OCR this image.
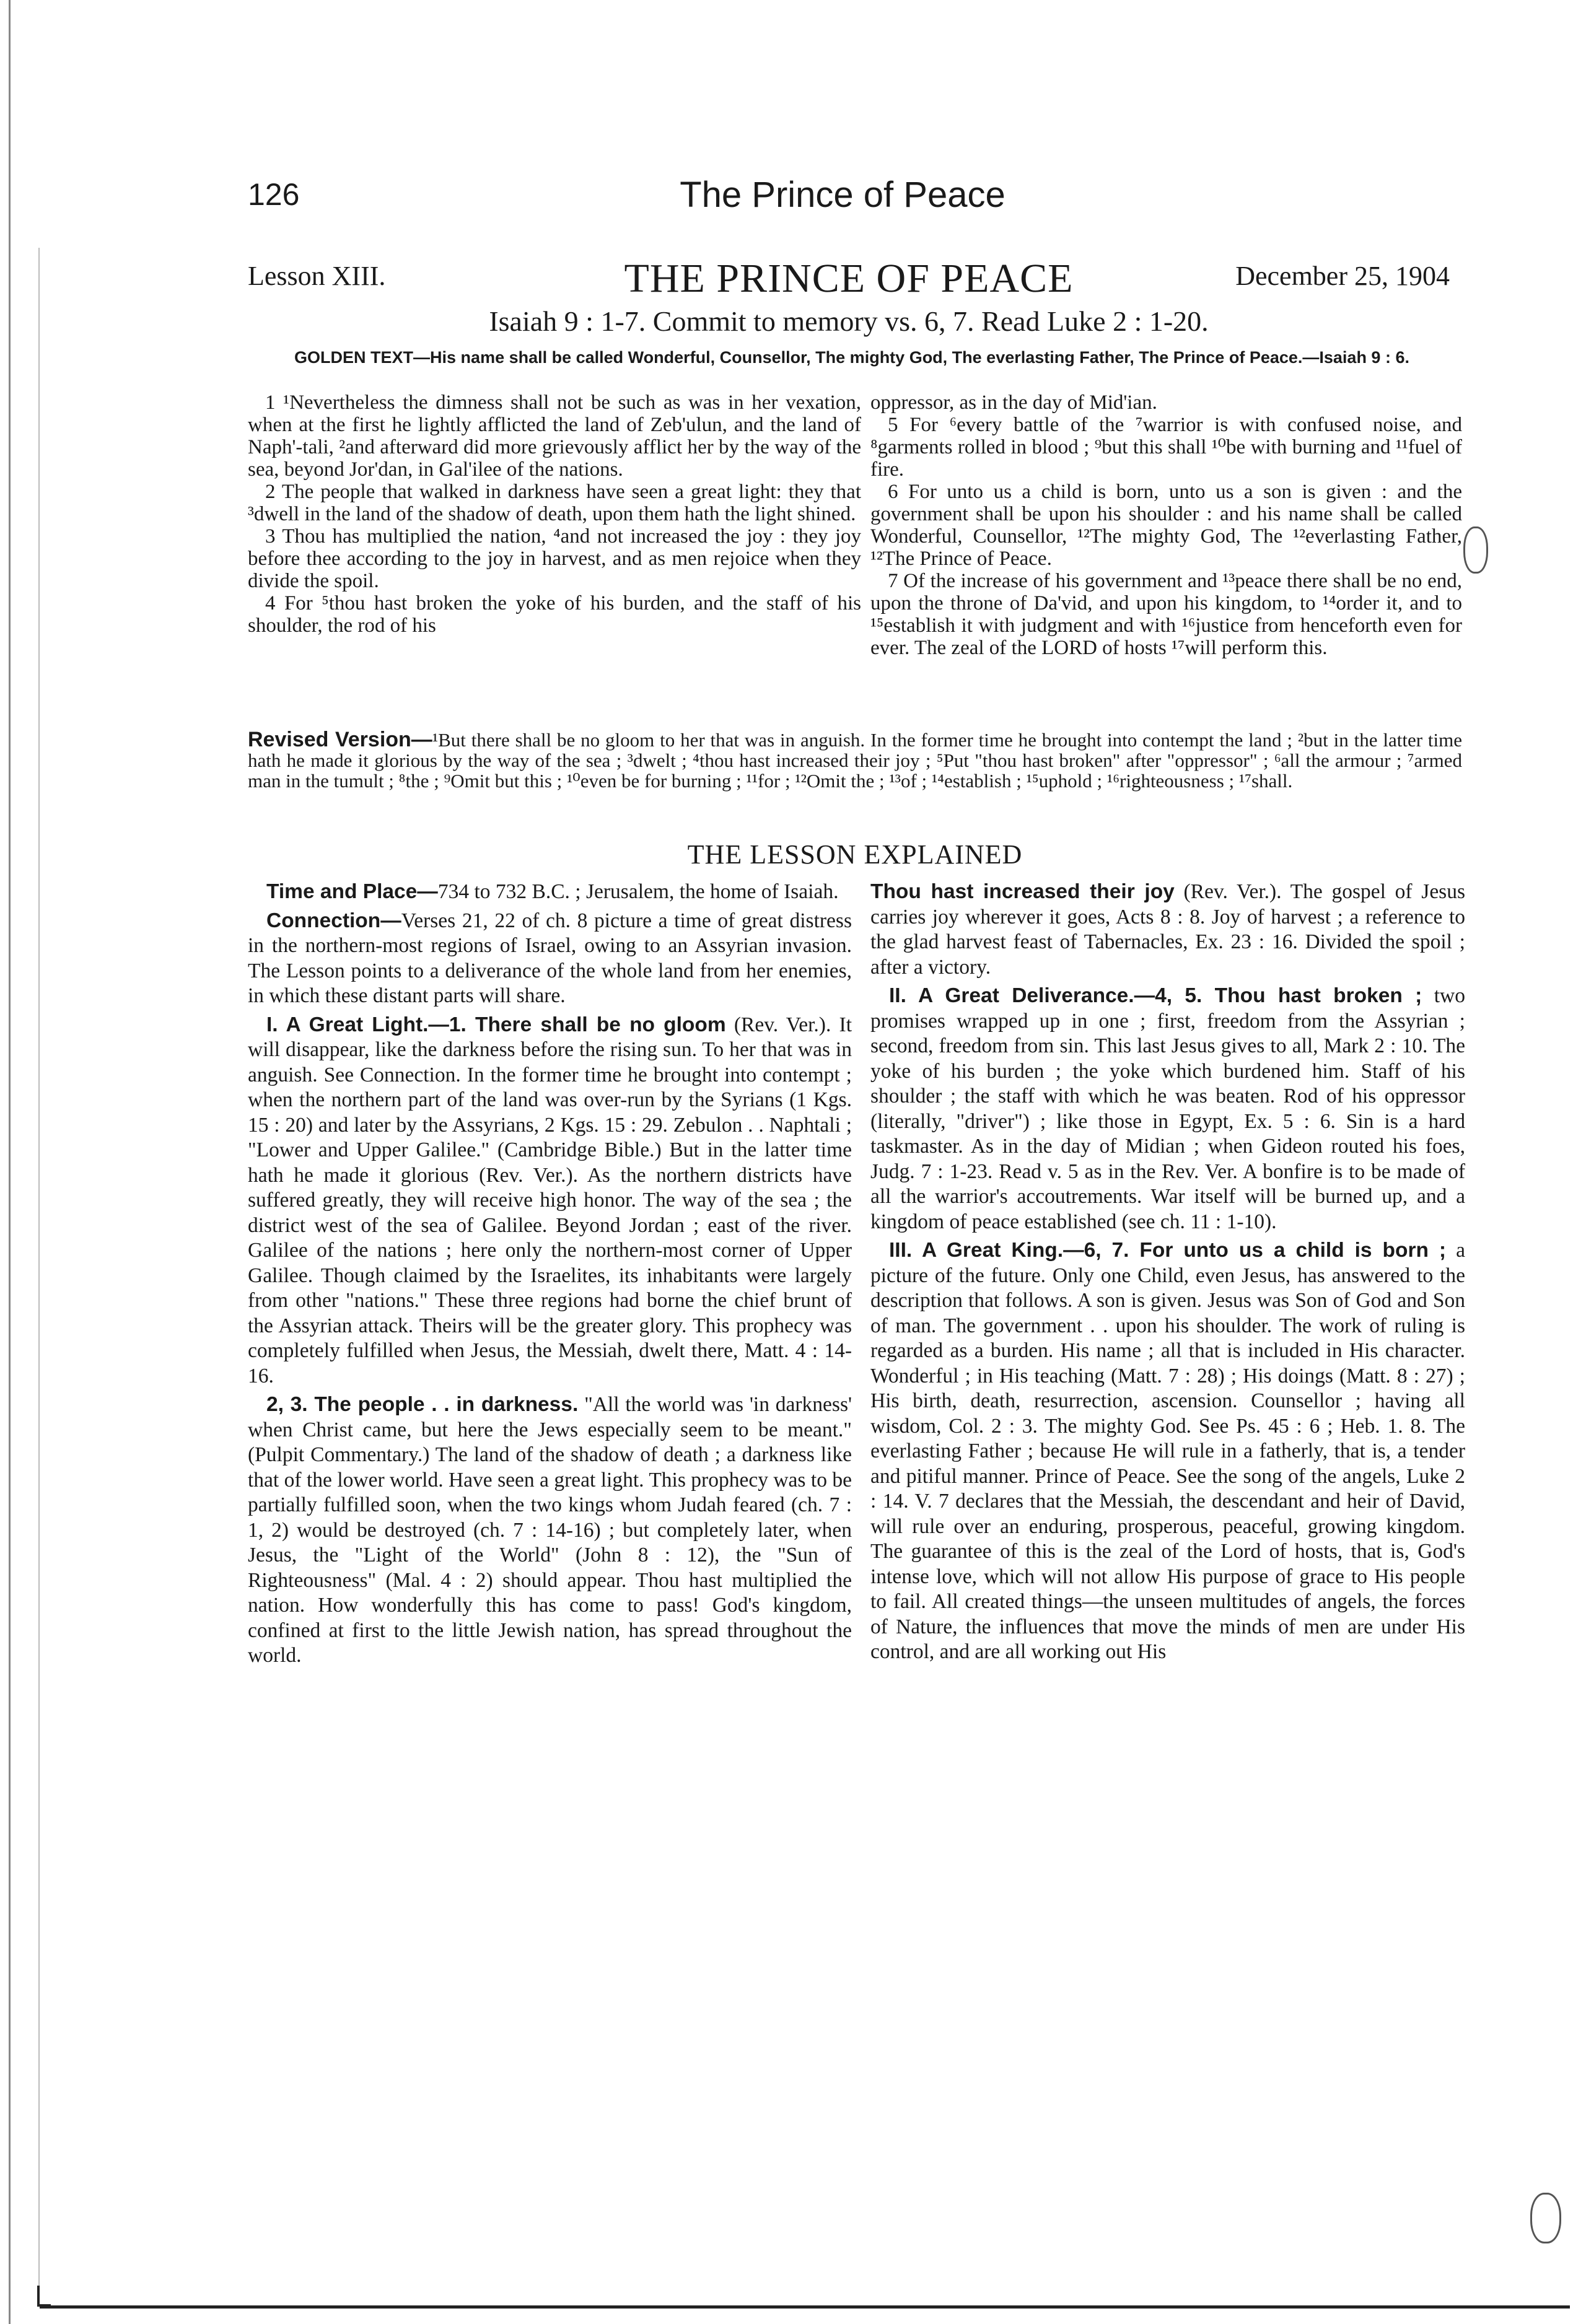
126	The Prince of Peace
Lesson XIII.	THE PRINCE OF PEACE	December 25, 1904
Isaiah 9 : 1-7. Commit to memory vs. 6, 7. Read Luke 2 : 1-20.
GOLDEN TEXT—His name shall be called Wonderful, Counsellor, The mighty God, The everlasting Father, The Prince of Peace.—Isaiah 9 : 6.

1 ¹Nevertheless the dimness shall not be such as was in her vexation, when at the first he lightly afflicted the land of Zeb'ulun, and the land of Naph'-tali, ²and afterward did more grievously afflict her by the way of the sea, beyond Jor'dan, in Gal'ilee of the nations.

2 The people that walked in darkness have seen a great light: they that ³dwell in the land of the shadow of death, upon them hath the light shined.

3 Thou has multiplied the nation, ⁴and not increased the joy : they joy before thee according to the joy in harvest, and as men rejoice when they divide the spoil.

4 For ⁵thou hast broken the yoke of his burden, and the staff of his shoulder, the rod of his

oppressor, as in the day of Mid'ian.

5 For ⁶every battle of the ⁷warrior is with confused noise, and ⁸garments rolled in blood ; ⁹but this shall ¹⁰be with burning and ¹¹fuel of fire.

6 For unto us a child is born, unto us a son is given : and the government shall be upon his shoulder : and his name shall be called Wonderful, Counsellor, ¹²The mighty God, The ¹²everlasting Father, ¹²The Prince of Peace.

7 Of the increase of his government and ¹³peace there shall be no end, upon the throne of Da'vid, and upon his kingdom, to ¹⁴order it, and to ¹⁵establish it with judgment and with ¹⁶justice from henceforth even for ever. The zeal of the LORD of hosts ¹⁷will perform this.

Revised Version—¹But there shall be no gloom to her that was in anguish. In the former time he brought into contempt the land ; ²but in the latter time hath he made it glorious by the way of the sea ; ³dwelt ; ⁴thou hast increased their joy ; ⁵Put "thou hast broken" after "oppressor" ; ⁶all the armour ; ⁷armed man in the tumult ; ⁸the ; ⁹Omit but this ; ¹⁰even be for burning ; ¹¹for ; ¹²Omit the ; ¹³of ; ¹⁴establish ; ¹⁵uphold ; ¹⁶righteousness ; ¹⁷shall.
THE LESSON EXPLAINED

Time and Place—734 to 732 B.C. ; Jerusalem, the home of Isaiah.

Connection—Verses 21, 22 of ch. 8 picture a time of great distress in the northern-most regions of Israel, owing to an Assyrian invasion. The Lesson points to a deliverance of the whole land from her enemies, in which these distant parts will share.

I. A Great Light.—1. There shall be no gloom (Rev. Ver.). It will disappear, like the darkness before the rising sun. To her that was in anguish. See Connection. In the former time he brought into contempt ; when the northern part of the land was over-run by the Syrians (1 Kgs. 15 : 20) and later by the Assyrians, 2 Kgs. 15 : 29. Zebulon . . Naphtali ; "Lower and Upper Galilee." (Cambridge Bible.) But in the latter time hath he made it glorious (Rev. Ver.). As the northern districts have suffered greatly, they will receive high honor. The way of the sea ; the district west of the sea of Galilee. Beyond Jordan ; east of the river. Galilee of the nations ; here only the northern-most corner of Upper Galilee. Though claimed by the Israelites, its inhabitants were largely from other "nations." These three regions had borne the chief brunt of the Assyrian attack. Theirs will be the greater glory. This prophecy was completely fulfilled when Jesus, the Messiah, dwelt there, Matt. 4 : 14-16.

2, 3. The people . . in darkness. "All the world was 'in darkness' when Christ came, but here the Jews especially seem to be meant." (Pulpit Commentary.) The land of the shadow of death ; a darkness like that of the lower world. Have seen a great light. This prophecy was to be partially fulfilled soon, when the two kings whom Judah feared (ch. 7 : 1, 2) would be destroyed (ch. 7 : 14-16) ; but completely later, when Jesus, the "Light of the World" (John 8 : 12), the "Sun of Righteousness" (Mal. 4 : 2) should appear. Thou hast multiplied the nation. How wonderfully this has come to pass! God's kingdom, confined at first to the little Jewish nation, has spread throughout the world.

Thou hast increased their joy (Rev. Ver.). The gospel of Jesus carries joy wherever it goes, Acts 8 : 8. Joy of harvest ; a reference to the glad harvest feast of Tabernacles, Ex. 23 : 16. Divided the spoil ; after a victory.

II. A Great Deliverance.—4, 5. Thou hast broken ; two promises wrapped up in one ; first, freedom from the Assyrian ; second, freedom from sin. This last Jesus gives to all, Mark 2 : 10. The yoke of his burden ; the yoke which burdened him. Staff of his shoulder ; the staff with which he was beaten. Rod of his oppressor (literally, "driver") ; like those in Egypt, Ex. 5 : 6. Sin is a hard taskmaster. As in the day of Midian ; when Gideon routed his foes, Judg. 7 : 1-23. Read v. 5 as in the Rev. Ver. A bonfire is to be made of all the warrior's accoutrements. War itself will be burned up, and a kingdom of peace established (see ch. 11 : 1-10).

III. A Great King.—6, 7. For unto us a child is born ; a picture of the future. Only one Child, even Jesus, has answered to the description that follows. A son is given. Jesus was Son of God and Son of man. The government . . upon his shoulder. The work of ruling is regarded as a burden. His name ; all that is included in His character. Wonderful ; in His teaching (Matt. 7 : 28) ; His doings (Matt. 8 : 27) ; His birth, death, resurrection, ascension. Counsellor ; having all wisdom, Col. 2 : 3. The mighty God. See Ps. 45 : 6 ; Heb. 1. 8. The everlasting Father ; because He will rule in a fatherly, that is, a tender and pitiful manner. Prince of Peace. See the song of the angels, Luke 2 : 14. V. 7 declares that the Messiah, the descendant and heir of David, will rule over an enduring, prosperous, peaceful, growing kingdom. The guarantee of this is the zeal of the Lord of hosts, that is, God's intense love, which will not allow His purpose of grace to His people to fail. All created things—the unseen multitudes of angels, the forces of Nature, the influences that move the minds of men are under His control, and are all working out His
